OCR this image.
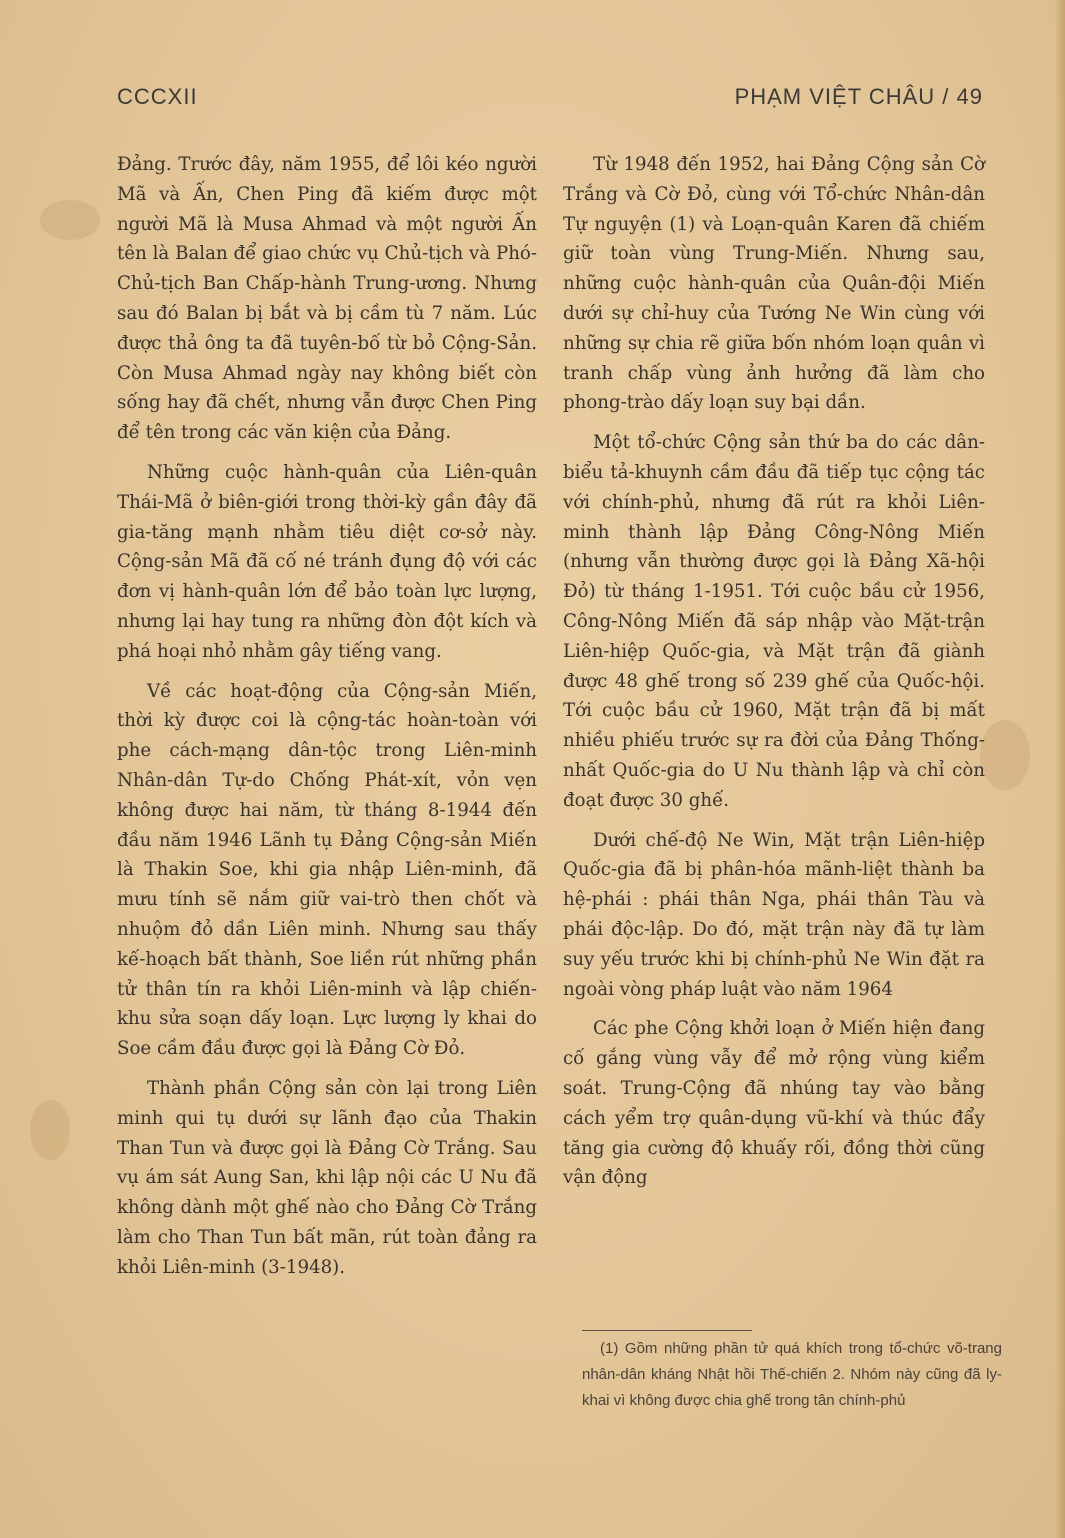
CCCXII	PHẠM VIỆT CHÂU / 49

Đảng. Trước đây, năm 1955, để lôi kéo người Mã và Ấn, Chen Ping đã kiếm được một người Mã là Musa Ahmad và một người Ấn tên là Balan để giao chức vụ Chủ-tịch và Phó-Chủ-tịch Ban Chấp-hành Trung-ương. Nhưng sau đó Balan bị bắt và bị cầm tù 7 năm. Lúc được thả ông ta đã tuyên-bố từ bỏ Cộng-Sản. Còn Musa Ahmad ngày nay không biết còn sống hay đã chết, nhưng vẫn được Chen Ping để tên trong các văn kiện của Đảng.

Những cuộc hành-quân của Liên-quân Thái-Mã ở biên-giới trong thời-kỳ gần đây đã gia-tăng mạnh nhằm tiêu diệt cơ-sở này. Cộng-sản Mã đã cố né tránh đụng độ với các đơn vị hành-quân lớn để bảo toàn lực lượng, nhưng lại hay tung ra những đòn đột kích và phá hoại nhỏ nhằm gây tiếng vang.

Về các hoạt-động của Cộng-sản Miến, thời kỳ được coi là cộng-tác hoàn-toàn với phe cách-mạng dân-tộc trong Liên-minh Nhân-dân Tự-do Chống Phát-xít, vỏn vẹn không được hai năm, từ tháng 8-1944 đến đầu năm 1946 Lãnh tụ Đảng Cộng-sản Miến là Thakin Soe, khi gia nhập Liên-minh, đã mưu tính sẽ nắm giữ vai-trò then chốt và nhuộm đỏ dần Liên minh. Nhưng sau thấy kế-hoạch bất thành, Soe liền rút những phần tử thân tín ra khỏi Liên-minh và lập chiến-khu sửa soạn dấy loạn. Lực lượng ly khai do Soe cầm đầu được gọi là Đảng Cờ Đỏ.

Thành phần Cộng sản còn lại trong Liên minh qui tụ dưới sự lãnh đạo của Thakin Than Tun và được gọi là Đảng Cờ Trắng. Sau vụ ám sát Aung San, khi lập nội các U Nu đã không dành một ghế nào cho Đảng Cờ Trắng làm cho Than Tun bất mãn, rút toàn đảng ra khỏi Liên-minh (3-1948).

Từ 1948 đến 1952, hai Đảng Cộng sản Cờ Trắng và Cờ Đỏ, cùng với Tổ-chức Nhân-dân Tự nguyện (1) và Loạn-quân Karen đã chiếm giữ toàn vùng Trung-Miến. Nhưng sau, những cuộc hành-quân của Quân-đội Miến dưới sự chỉ-huy của Tướng Ne Win cùng với những sự chia rẽ giữa bốn nhóm loạn quân vì tranh chấp vùng ảnh hưởng đã làm cho phong-trào dấy loạn suy bại dần.

Một tổ-chức Cộng sản thứ ba do các dân-biểu tả-khuynh cầm đầu đã tiếp tục cộng tác với chính-phủ, nhưng đã rút ra khỏi Liên-minh thành lập Đảng Công-Nông Miến (nhưng vẫn thường được gọi là Đảng Xã-hội Đỏ) từ tháng 1-1951. Tới cuộc bầu cử 1956, Công-Nông Miến đã sáp nhập vào Mặt-trận Liên-hiệp Quốc-gia, và Mặt trận đã giành được 48 ghế trong số 239 ghế của Quốc-hội. Tới cuộc bầu cử 1960, Mặt trận đã bị mất nhiều phiếu trước sự ra đời của Đảng Thống-nhất Quốc-gia do U Nu thành lập và chỉ còn đoạt được 30 ghế.

Dưới chế-độ Ne Win, Mặt trận Liên-hiệp Quốc-gia đã bị phân-hóa mãnh-liệt thành ba hệ-phái : phái thân Nga, phái thân Tàu và phái độc-lập. Do đó, mặt trận này đã tự làm suy yếu trước khi bị chính-phủ Ne Win đặt ra ngoài vòng pháp luật vào năm 1964

Các phe Cộng khởi loạn ở Miến hiện đang cố gắng vùng vẫy để mở rộng vùng kiểm soát. Trung-Cộng đã nhúng tay vào bằng cách yểm trợ quân-dụng vũ-khí và thúc đẩy tăng gia cường độ khuấy rối, đồng thời cũng vận động

(1) Gồm những phần tử quá khích trong tổ-chức võ-trang nhân-dân kháng Nhật hồi Thế-chiến 2. Nhóm này cũng đã ly-khai vì không được chia ghế trong tân chính-phủ
